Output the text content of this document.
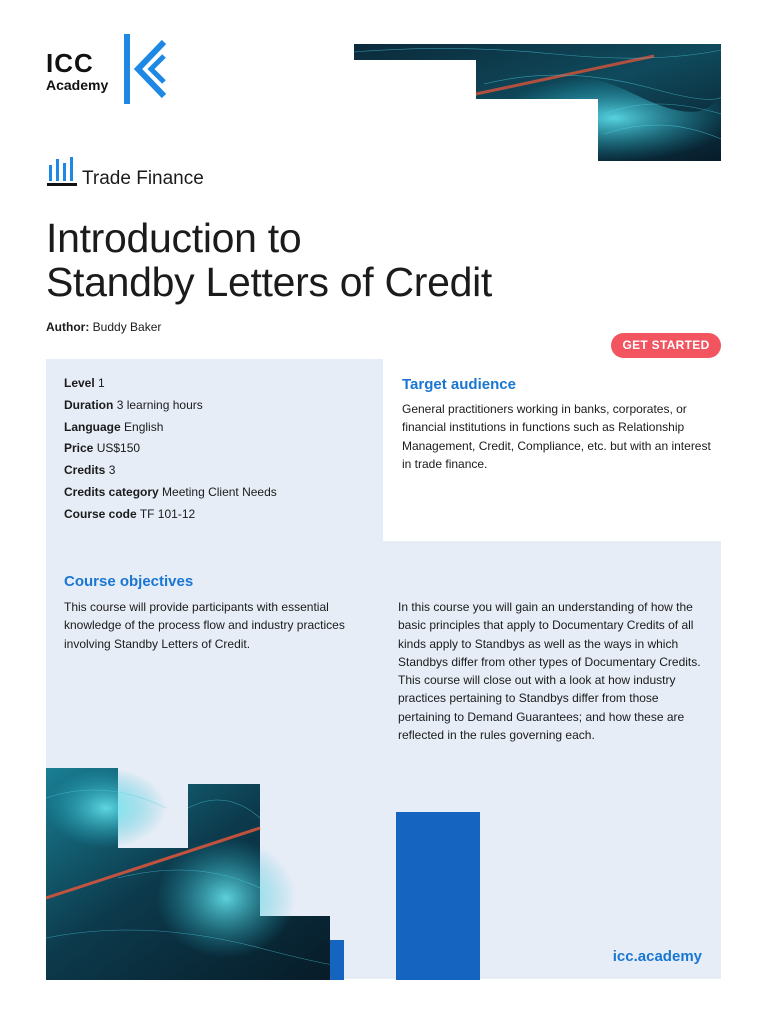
ICC
Academy
Trade Finance
Introduction to
Standby Letters of Credit
Author: Buddy Baker
GET STARTED
Level 1
Duration 3 learning hours
Language English
Price US$150
Credits 3
Credits category Meeting Client Needs
Course code TF 101-12
Target audience
General practitioners working in banks, corporates, or financial institutions in functions such as Relationship Management, Credit, Compliance, etc. but with an interest in trade finance.
Course objectives
This course will provide participants with essential knowledge of the process flow and industry practices involving Standby Letters of Credit.
In this course you will gain an understanding of how the basic principles that apply to Documentary Credits of all kinds apply to Standbys as well as the ways in which Standbys differ from other types of Documentary Credits. This course will close out with a look at how industry practices pertaining to Standbys differ from those pertaining to Demand Guarantees; and how these are reflected in the rules governing each.
icc.academy
